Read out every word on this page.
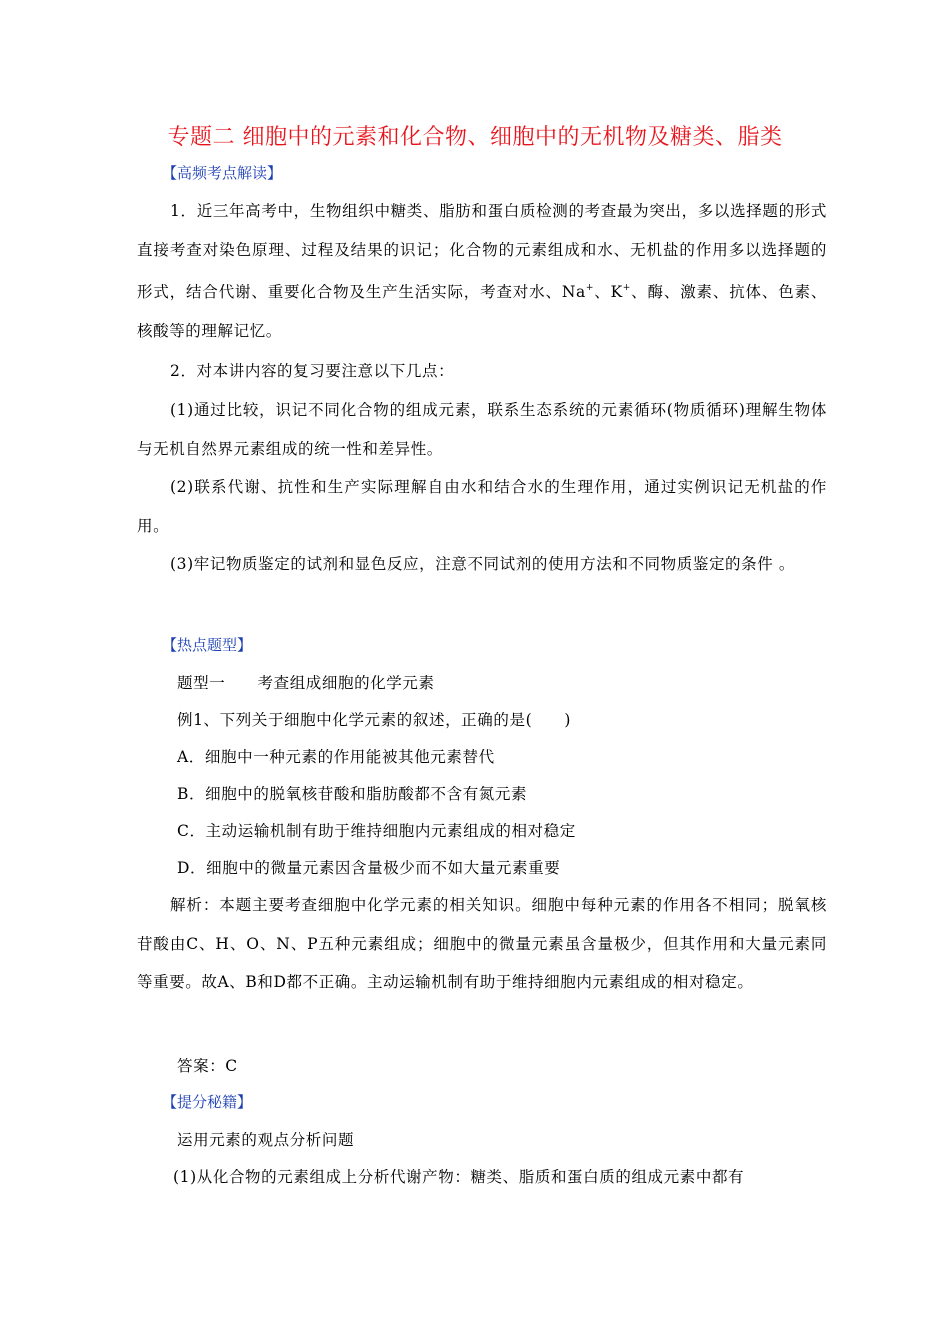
专题二 细胞中的元素和化合物、细胞中的无机物及糖类、脂类
【高频考点解读】

1．近三年高考中，生物组织中糖类、脂肪和蛋白质检测的考查最为突出，多以选择题的形式直接考查对染色原理、过程及结果的识记；化合物的元素组成和水、无机盐的作用多以选择题的形式，结合代谢、重要化合物及生产生活实际，考查对水、Na+、K+、酶、激素、抗体、色素、核酸等的理解记忆。

2．对本讲内容的复习要注意以下几点：

(1)通过比较，识记不同化合物的组成元素，联系生态系统的元素循环(物质循环)理解生物体与无机自然界元素组成的统一性和差异性。

(2)联系代谢、抗性和生产实际理解自由水和结合水的生理作用，通过实例识记无机盐的作用。

(3)牢记物质鉴定的试剂和显色反应，注意不同试剂的使用方法和不同物质鉴定的条件 。

【热点题型】
题型一　　考查组成细胞的化学元素
例1、下列关于细胞中化学元素的叙述，正确的是(　　)
A．细胞中一种元素的作用能被其他元素替代
B．细胞中的脱氧核苷酸和脂肪酸都不含有氮元素
C．主动运输机制有助于维持细胞内元素组成的相对稳定
D．细胞中的微量元素因含量极少而不如大量元素重要

解析：本题主要考查细胞中化学元素的相关知识。细胞中每种元素的作用各不相同；脱氧核苷酸由C、H、O、N、P五种元素组成；细胞中的微量元素虽含量极少，但其作用和大量元素同等重要。故A、B和D都不正确。主动运输机制有助于维持细胞内元素组成的相对稳定。

答案：C
【提分秘籍】
运用元素的观点分析问题
(1)从化合物的元素组成上分析代谢产物：糖类、脂质和蛋白质的组成元素中都有
